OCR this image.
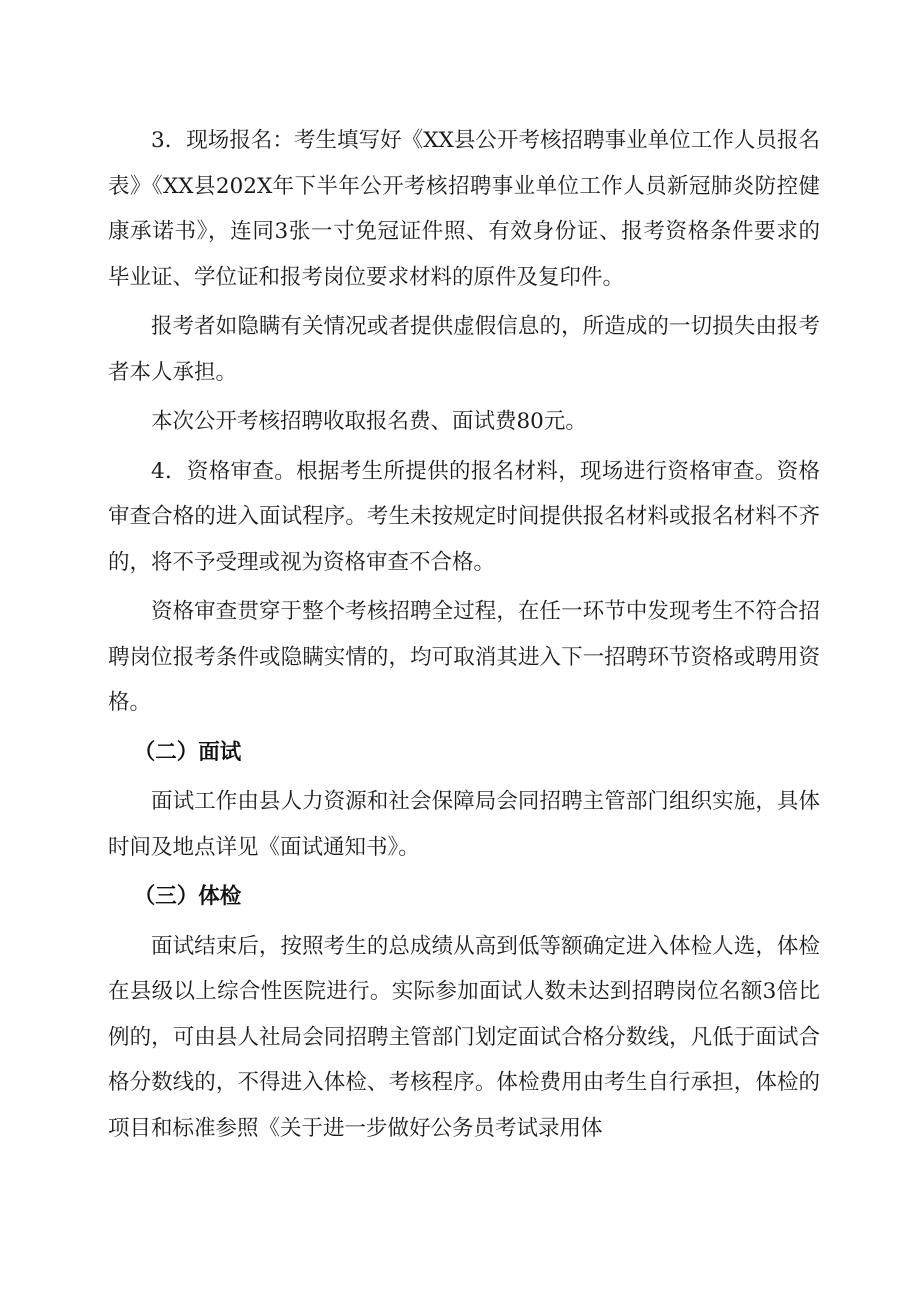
3．现场报名：考生填写好《XX县公开考核招聘事业单位工作人员报名表》《XX县202X年下半年公开考核招聘事业单位工作人员新冠肺炎防控健康承诺书》，连同3张一寸免冠证件照、有效身份证、报考资格条件要求的毕业证、学位证和报考岗位要求材料的原件及复印件。

报考者如隐瞒有关情况或者提供虚假信息的，所造成的一切损失由报考者本人承担。

本次公开考核招聘收取报名费、面试费80元。

4．资格审查。根据考生所提供的报名材料，现场进行资格审查。资格审查合格的进入面试程序。考生未按规定时间提供报名材料或报名材料不齐的，将不予受理或视为资格审查不合格。

资格审查贯穿于整个考核招聘全过程，在任一环节中发现考生不符合招聘岗位报考条件或隐瞒实情的，均可取消其进入下一招聘环节资格或聘用资格。

（二）面试

面试工作由县人力资源和社会保障局会同招聘主管部门组织实施，具体时间及地点详见《面试通知书》。

（三）体检

面试结束后，按照考生的总成绩从高到低等额确定进入体检人选，体检在县级以上综合性医院进行。实际参加面试人数未达到招聘岗位名额3倍比例的，可由县人社局会同招聘主管部门划定面试合格分数线，凡低于面试合格分数线的，不得进入体检、考核程序。体检费用由考生自行承担，体检的项目和标准参照《关于进一步做好公务员考试录用体
